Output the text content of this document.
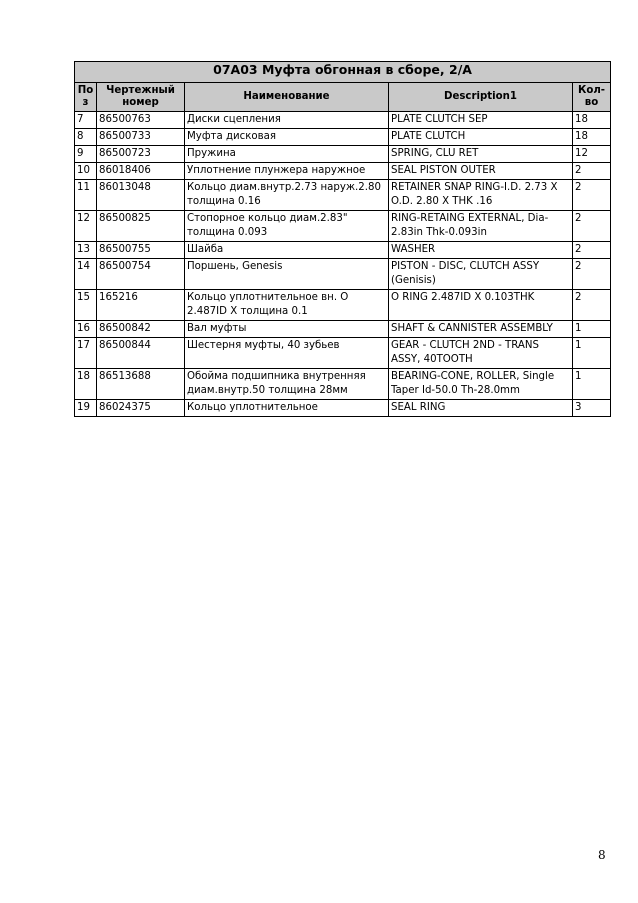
07A03 Муфта обгонная в сборе, 2/A				
Поз	Чертежный номер	Наименование	Description1	Кол-во
7	86500763	Диски сцепления	PLATE CLUTCH SEP	18
8	86500733	Муфта дисковая	PLATE CLUTCH	18
9	86500723	Пружина	SPRING, CLU RET	12
10	86018406	Уплотнение плунжера наружное	SEAL PISTON OUTER	2
11	86013048	Кольцо диам.внутр.2.73 наруж.2.80 толщина 0.16	RETAINER SNAP RING-I.D. 2.73 X O.D. 2.80 X THK .16	2
12	86500825	Стопорное кольцо диам.2.83" толщина 0.093	RING-RETAING EXTERNAL, Dia-2.83in Thk-0.093in	2
13	86500755	Шайба	WASHER	2
14	86500754	Поршень, Genesis	PISTON - DISC, CLUTCH ASSY (Genisis)	2
15	165216	Кольцо уплотнительное вн. O 2.487ID X толщина 0.1	O RING 2.487ID X 0.103THK	2
16	86500842	Вал муфты	SHAFT & CANNISTER ASSEMBLY	1
17	86500844	Шестерня муфты, 40 зубьев	GEAR - CLUTCH 2ND - TRANS ASSY, 40TOOTH	1
18	86513688	Обойма подшипника внутренняя диам.внутр.50 толщина 28мм	BEARING-CONE, ROLLER, Single Taper Id-50.0 Th-28.0mm	1
19	86024375	Кольцо уплотнительное	SEAL RING	3
8
